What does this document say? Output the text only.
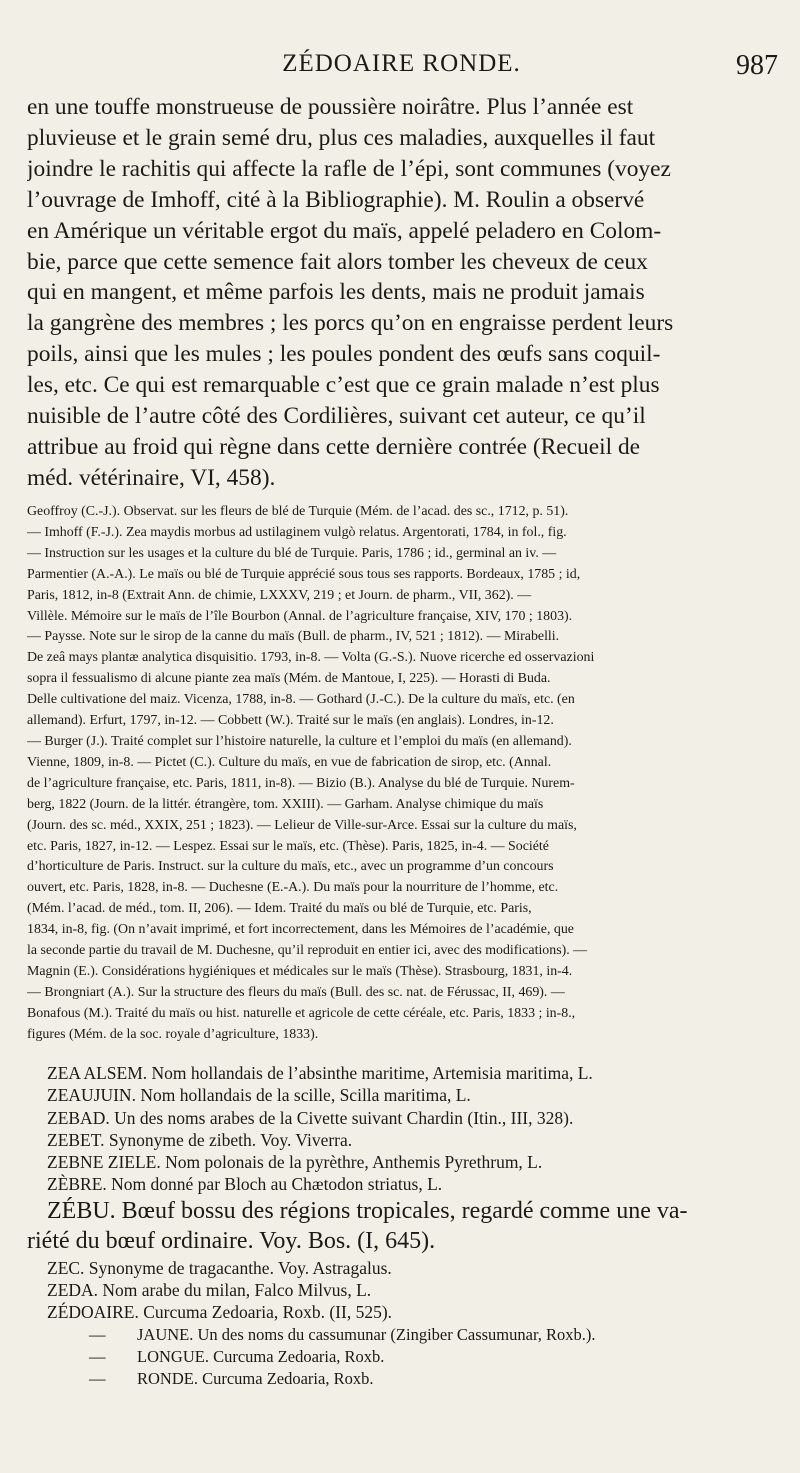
ZÉDOAIRE RONDE.	987
en une touffe monstrueuse de poussière noirâtre. Plus l’année est
pluvieuse et le grain semé dru, plus ces maladies, auxquelles il faut
joindre le rachitis qui affecte la rafle de l’épi, sont communes (voyez
l’ouvrage de Imhoff, cité à la Bibliographie). M. Roulin a observé
en Amérique un véritable ergot du maïs, appelé peladero en Colom-
bie, parce que cette semence fait alors tomber les cheveux de ceux
qui en mangent, et même parfois les dents, mais ne produit jamais
la gangrène des membres ; les porcs qu’on en engraisse perdent leurs
poils, ainsi que les mules ; les poules pondent des œufs sans coquil-
les, etc. Ce qui est remarquable c’est que ce grain malade n’est plus
nuisible de l’autre côté des Cordilières, suivant cet auteur, ce qu’il
attribue au froid qui règne dans cette dernière contrée (Recueil de
méd. vétérinaire, VI, 458).
Geoffroy (C.-J.). Observat. sur les fleurs de blé de Turquie (Mém. de l’acad. des sc., 1712, p. 51).
— Imhoff (F.-J.). Zea maydis morbus ad ustilaginem vulgò relatus. Argentorati, 1784, in fol., fig.
— Instruction sur les usages et la culture du blé de Turquie. Paris, 1786 ; id., germinal an iv. —
Parmentier (A.-A.). Le maïs ou blé de Turquie apprécié sous tous ses rapports. Bordeaux, 1785 ; id,
Paris, 1812, in-8 (Extrait Ann. de chimie, LXXXV, 219 ; et Journ. de pharm., VII, 362). —
Villèle. Mémoire sur le maïs de l’île Bourbon (Annal. de l’agriculture française, XIV, 170 ; 1803).
— Paysse. Note sur le sirop de la canne du maïs (Bull. de pharm., IV, 521 ; 1812). — Mirabelli.
De zeâ mays plantæ analytica disquisitio. 1793, in-8. — Volta (G.-S.). Nuove ricerche ed osservazioni
sopra il fessualismo di alcune piante zea maïs (Mém. de Mantoue, I, 225). — Horasti di Buda.
Delle cultivatione del maiz. Vicenza, 1788, in-8. — Gothard (J.-C.). De la culture du maïs, etc. (en
allemand). Erfurt, 1797, in-12. — Cobbett (W.). Traité sur le maïs (en anglais). Londres, in-12.
— Burger (J.). Traité complet sur l’histoire naturelle, la culture et l’emploi du maïs (en allemand).
Vienne, 1809, in-8. — Pictet (C.). Culture du maïs, en vue de fabrication de sirop, etc. (Annal.
de l’agriculture française, etc. Paris, 1811, in-8). — Bizio (B.). Analyse du blé de Turquie. Nurem-
berg, 1822 (Journ. de la littér. étrangère, tom. XXIII). — Garham. Analyse chimique du maïs
(Journ. des sc. méd., XXIX, 251 ; 1823). — Lelieur de Ville-sur-Arce. Essai sur la culture du maïs,
etc. Paris, 1827, in-12. — Lespez. Essai sur le maïs, etc. (Thèse). Paris, 1825, in-4. — Société
d’horticulture de Paris. Instruct. sur la culture du maïs, etc., avec un programme d’un concours
ouvert, etc. Paris, 1828, in-8. — Duchesne (E.-A.). Du maïs pour la nourriture de l’homme, etc.
(Mém. l’acad. de méd., tom. II, 206). — Idem. Traité du maïs ou blé de Turquie, etc. Paris,
1834, in-8, fig. (On n’avait imprimé, et fort incorrectement, dans les Mémoires de l’académie, que
la seconde partie du travail de M. Duchesne, qu’il reproduit en entier ici, avec des modifications). —
Magnin (E.). Considérations hygiéniques et médicales sur le maïs (Thèse). Strasbourg, 1831, in-4.
— Brongniart (A.). Sur la structure des fleurs du maïs (Bull. des sc. nat. de Férussac, II, 469). —
Bonafous (M.). Traité du maïs ou hist. naturelle et agricole de cette céréale, etc. Paris, 1833 ; in-8.,
figures (Mém. de la soc. royale d’agriculture, 1833).
ZEA ALSEM. Nom hollandais de l’absinthe maritime, Artemisia maritima, L.
ZEAUJUIN. Nom hollandais de la scille, Scilla maritima, L.
ZEBAD. Un des noms arabes de la Civette suivant Chardin (Itin., III, 328).
ZEBET. Synonyme de zibeth. Voy. Viverra.
ZEBNE ZIELE. Nom polonais de la pyrèthre, Anthemis Pyrethrum, L.
ZÈBRE. Nom donné par Bloch au Chætodon striatus, L.
ZÉBU. Bœuf bossu des régions tropicales, regardé comme une va-
riété du bœuf ordinaire. Voy. Bos. (I, 645).
ZEC. Synonyme de tragacanthe. Voy. Astragalus.
ZEDA. Nom arabe du milan, Falco Milvus, L.
ZÉDOAIRE. Curcuma Zedoaria, Roxb. (II, 525).
— JAUNE. Un des noms du cassumunar (Zingiber Cassumunar, Roxb.).
— LONGUE. Curcuma Zedoaria, Roxb.
— RONDE. Curcuma Zedoaria, Roxb.
